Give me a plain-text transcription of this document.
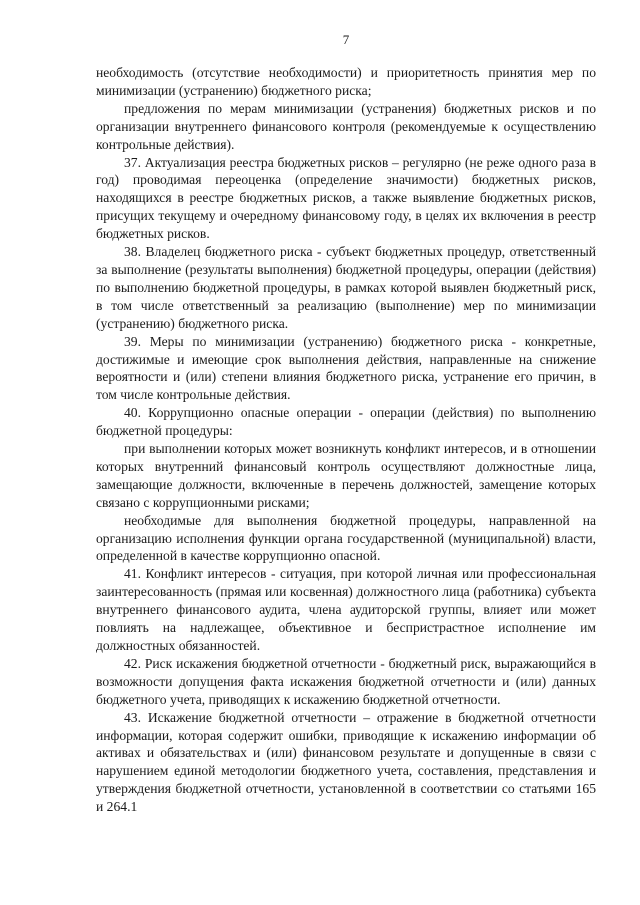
7

необходимость (отсутствие необходимости) и приоритетность принятия мер по минимизации (устранению) бюджетного риска;

предложения по мерам минимизации (устранения) бюджетных рисков и по организации внутреннего финансового контроля (рекомендуемые к осуществлению контрольные действия).

37. Актуализация реестра бюджетных рисков – регулярно (не реже одного раза в год) проводимая переоценка (определение значимости) бюджетных рисков, находящихся в реестре бюджетных рисков, а также выявление бюджетных рисков, присущих текущему и очередному финансовому году, в целях их включения в реестр бюджетных рисков.

38. Владелец бюджетного риска - субъект бюджетных процедур, ответственный за выполнение (результаты выполнения) бюджетной процедуры, операции (действия) по выполнению бюджетной процедуры, в рамках которой выявлен бюджетный риск, в том числе ответственный за реализацию (выполнение) мер по минимизации (устранению) бюджетного риска.

39. Меры по минимизации (устранению) бюджетного риска - конкретные, достижимые и имеющие срок выполнения действия, направленные на снижение вероятности и (или) степени влияния бюджетного риска, устранение его причин, в том числе контрольные действия.

40. Коррупционно опасные операции - операции (действия) по выполнению бюджетной процедуры:

при выполнении которых может возникнуть конфликт интересов, и в отношении которых внутренний финансовый контроль осуществляют должностные лица, замещающие должности, включенные в перечень должностей, замещение которых связано с коррупционными рисками;

необходимые для выполнения бюджетной процедуры, направленной на организацию исполнения функции органа государственной (муниципальной) власти, определенной в качестве коррупционно опасной.

41. Конфликт интересов - ситуация, при которой личная или профессиональная заинтересованность (прямая или косвенная) должностного лица (работника) субъекта внутреннего финансового аудита, члена аудиторской группы, влияет или может повлиять на надлежащее, объективное и беспристрастное исполнение им должностных обязанностей.

42. Риск искажения бюджетной отчетности - бюджетный риск, выражающийся в возможности допущения факта искажения бюджетной отчетности и (или) данных бюджетного учета, приводящих к искажению бюджетной отчетности.

43. Искажение бюджетной отчетности – отражение в бюджетной отчетности информации, которая содержит ошибки, приводящие к искажению информации об активах и обязательствах и (или) финансовом результате и допущенные в связи с нарушением единой методологии бюджетного учета, составления, представления и утверждения бюджетной отчетности, установленной в соответствии со статьями 165 и 264.1
